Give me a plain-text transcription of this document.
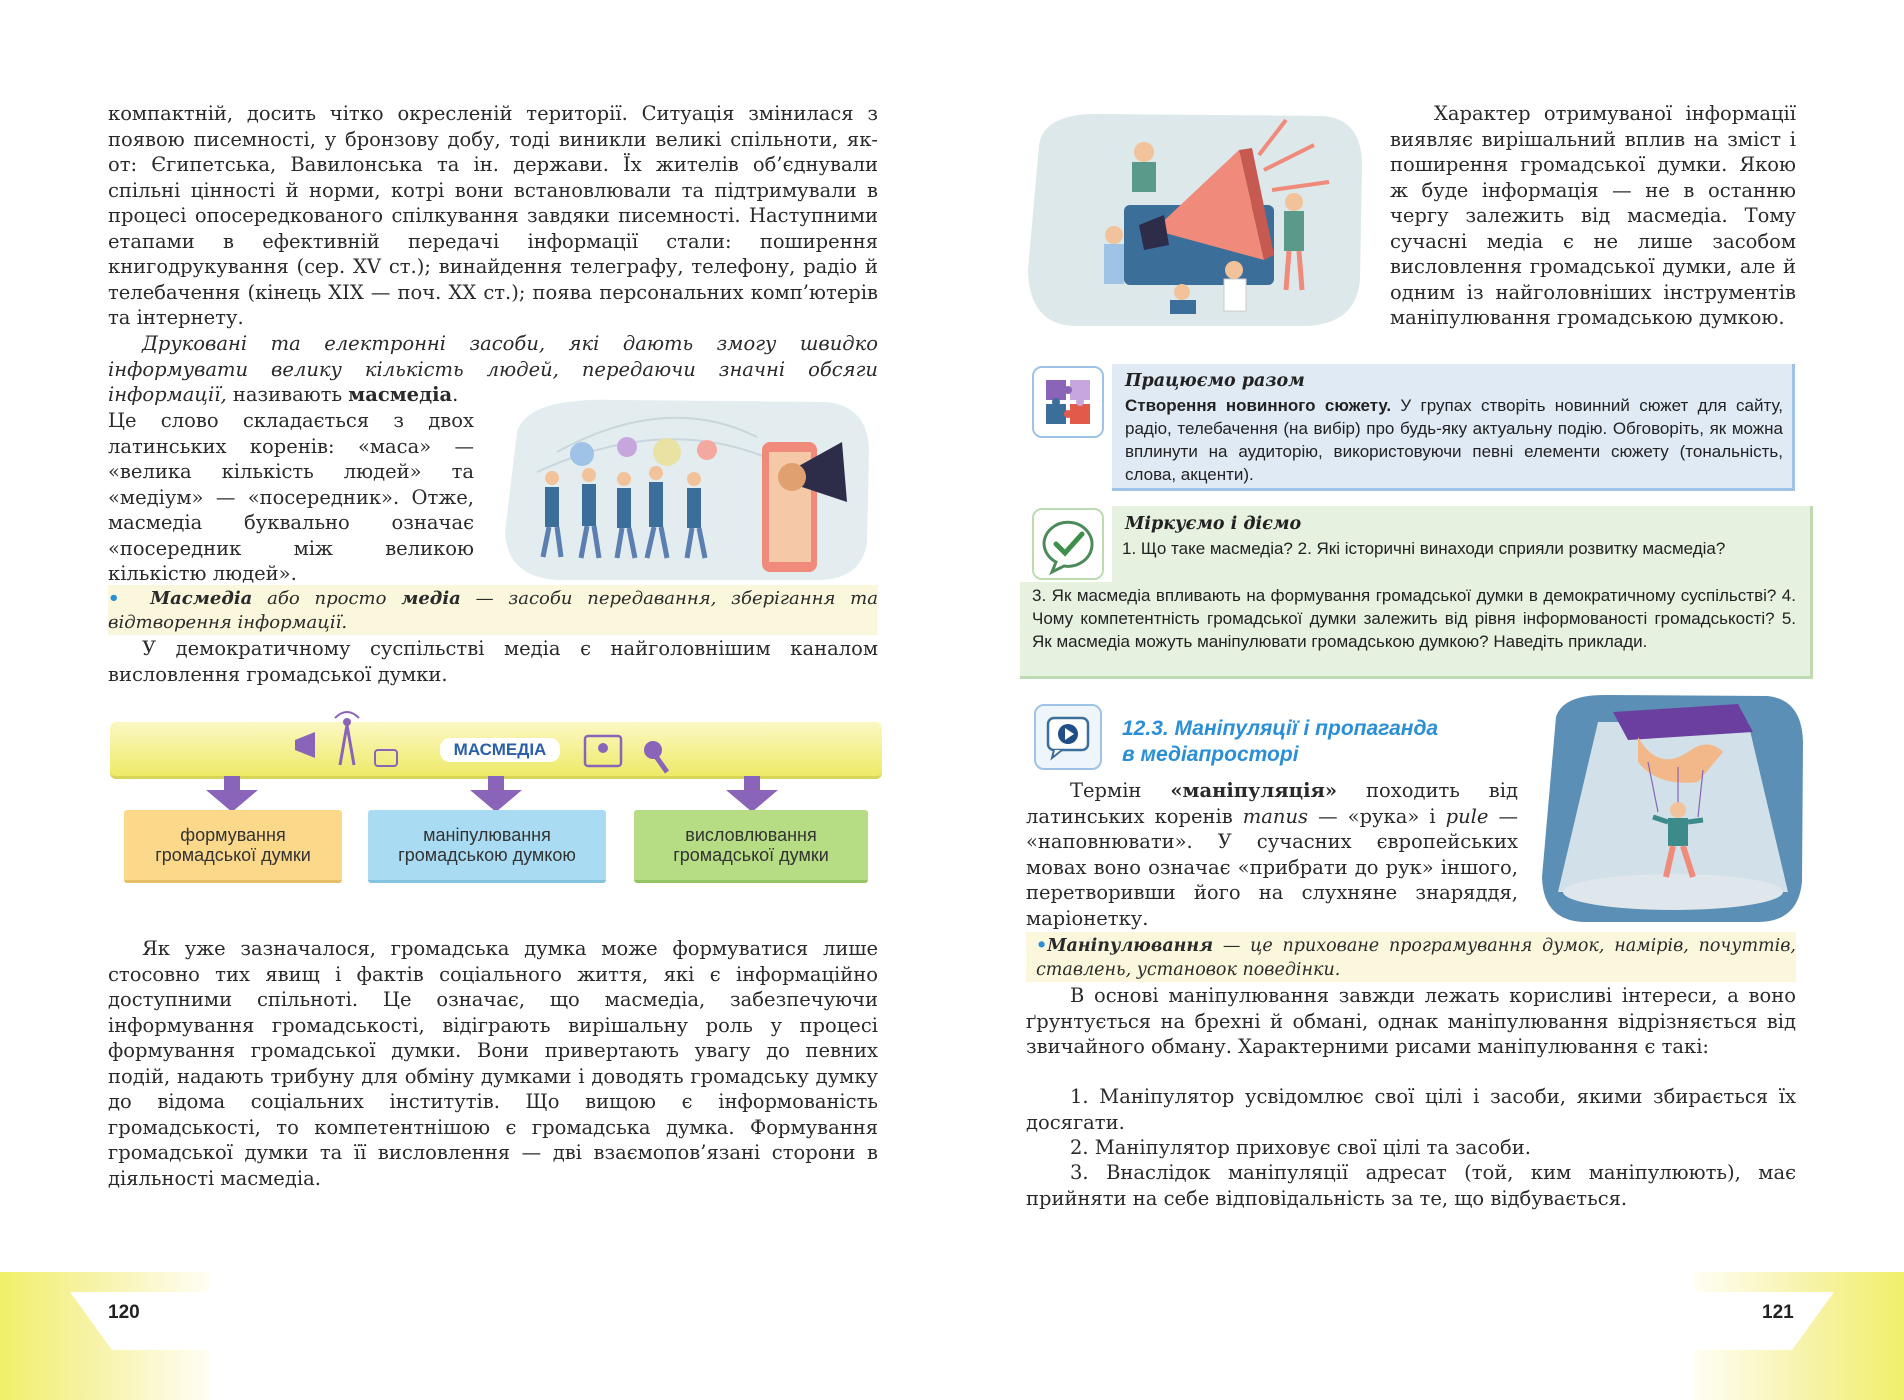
компактній, досить чітко окресленій території. Ситуація змінилася з появою писемності, у бронзову добу, тоді виникли великі спільноти, як-от: Єгипетська, Вавилонська та ін. держави. Їх жителів об’єднували спільні цінності й норми, котрі вони встановлювали та підтримували в процесі опосередкованого спілкування завдяки писемності. Наступними етапами в ефективній передачі інформації стали: поширення книгодрукування (сер. XV ст.); винайдення телеграфу, телефону, радіо й телебачення (кінець XIX — поч. XX ст.); поява персональних комп’ютерів та інтернету.

Друковані та електронні засоби, які дають змогу швидко інформувати велику кількість людей, передаючи значні обсяги інформації, називають масмедіа.

Це слово складається з двох латинських коренів: «маса» — «велика кількість людей» та «медіум» — «посередник». Отже, масмедіа буквально означає «посередник між великою кількістю людей».

•  Масмедіа або просто медіа — засоби передавання, зберігання та відтворення інформації.

У демократичному суспільстві медіа є найголовнішим каналом висловлення громадської думки.

МАСМЕДІА
формування громадської думки
маніпулювання громадською думкою
висловлювання громадської думки

Як уже зазначалося, громадська думка може формуватися лише стосовно тих явищ і фактів соціального життя, які є інформаційно доступними спільноті. Це означає, що масмедіа, забезпечуючи інформування громадськості, відіграють вирішальну роль у процесі формування громадської думки. Вони привертають увагу до певних подій, надають трибуну для обміну думками і доводять громадську думку до відома соціальних інститутів. Що вищою є інформованість громадськості, то компетентнішою є громадська думка. Формування громадської думки та її висловлення — дві взаємопов’язані сторони в діяльності масмедіа.

Характер отримуваної інформації виявляє вирішальний вплив на зміст і поширення громадської думки. Якою ж буде інформація — не в останню чергу залежить від масмедіа. Тому сучасні медіа є не лише засобом висловлення громадської думки, але й одним із найголовніших інструментів маніпулювання громадською думкою.

Працюємо разом

Створення новинного сюжету. У групах створіть новинний сюжет для сайту, радіо, телебачення (на вибір) про будь-яку актуальну подію. Обговоріть, як можна вплинути на аудиторію, використовуючи певні елементи сюжету (тональність, слова, акценти).

Міркуємо і діємо

1. Що таке масмедіа? 2. Які історичні винаходи сприяли розвитку масмедіа?

3. Як масмедіа впливають на формування громадської думки в демократичному суспільстві? 4. Чому компетентність громадської думки залежить від рівня інформованості громадськості? 5. Як масмедіа можуть маніпулювати громадською думкою? Наведіть приклади.

12.3. Маніпуляції і пропаганда
в медіапросторі

Термін «маніпуляція» походить від латинських коренів manus — «рука» і pule — «наповнювати». У сучасних європейських мовах воно означає «прибрати до рук» іншого, перетворивши його на слухняне знаряддя, маріонетку.

•Маніпулювання — це приховане програмування думок, намірів, почуттів, ставлень, установок поведінки.

В основі маніпулювання завжди лежать корисливі інтереси, а воно ґрунтується на брехні й обмані, однак маніпулювання відрізняється від звичайного обману. Характерними рисами маніпулювання є такі:

1. Маніпулятор усвідомлює свої цілі і засоби, якими збирається їх досягати.

2. Маніпулятор приховує свої цілі та засоби.

3. Внаслідок маніпуляції адресат (той, ким маніпулюють), має прийняти на себе відповідальність за те, що відбувається.

120	121
